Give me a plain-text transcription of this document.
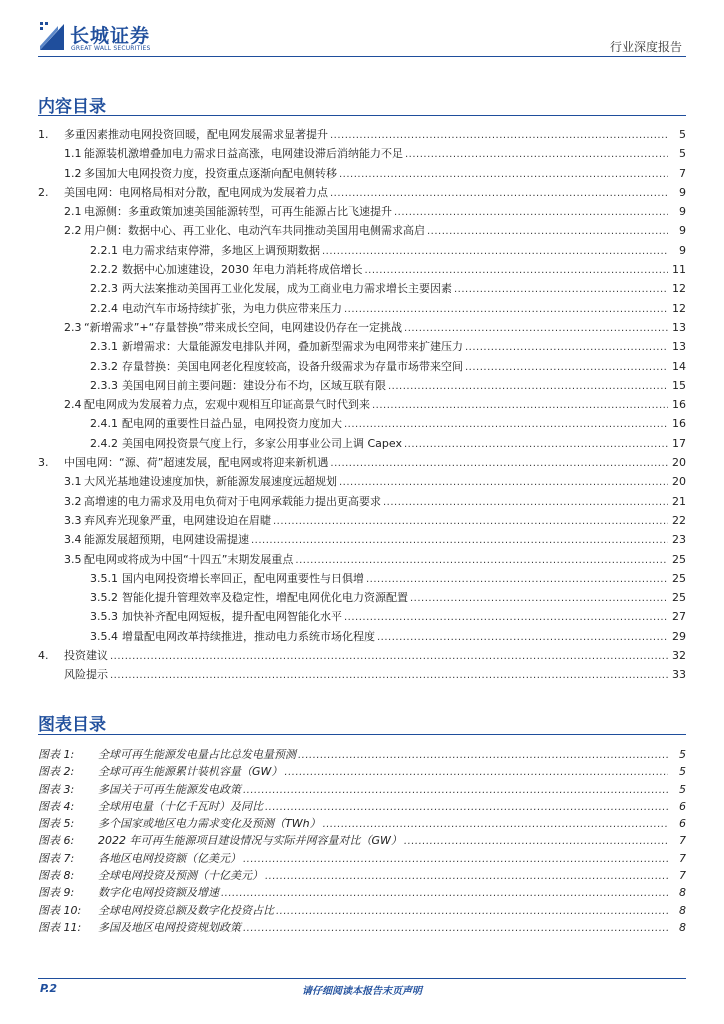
长城证券
GREAT WALL SECURITIES	行业深度报告
内容目录
1.	多重因素推动电网投资回暖，配电网发展需求显著提升 .....	5
1.1 能源装机激增叠加电力需求日益高涨，电网建设滞后消纳能力不足 .....	5
1.2 多国加大电网投资力度，投资重点逐渐向配电侧转移 .....	7
2.	美国电网：电网格局相对分散，配电网成为发展着力点 .....	9
2.1 电源侧：多重政策加速美国能源转型，可再生能源占比飞速提升 .....	9
2.2 用户侧：数据中心、再工业化、电动汽车共同推动美国用电侧需求高启 .....	9
2.2.1 电力需求结束停滞，多地区上调预期数据 .....	9
2.2.2 数据中心加速建设，2030 年电力消耗将成倍增长 .....	11
2.2.3 两大法案推动美国再工业化发展，成为工商业电力需求增长主要因素 .....	12
2.2.4 电动汽车市场持续扩张，为电力供应带来压力 .....	12
2.3 “新增需求”+“存量替换”带来成长空间，电网建设仍存在一定挑战 .....	13
2.3.1 新增需求：大量能源发电排队并网，叠加新型需求为电网带来扩建压力 .....	13
2.3.2 存量替换：美国电网老化程度较高，设备升级需求为存量市场带来空间 .....	14
2.3.3 美国电网目前主要问题：建设分布不均，区域互联有限 .....	15
2.4 配电网成为发展着力点，宏观中观相互印证高景气时代到来 .....	16
2.4.1 配电网的重要性日益凸显，电网投资力度加大 .....	16
2.4.2 美国电网投资景气度上行，多家公用事业公司上调 Capex .....	17
3.	中国电网：“源、荷”超速发展，配电网或将迎来新机遇 .....	20
3.1 大风光基地建设速度加快，新能源发展速度远超规划 .....	20
3.2 高增速的电力需求及用电负荷对于电网承载能力提出更高要求 .....	21
3.3 弃风弃光现象严重，电网建设迫在眉睫 .....	22
3.4 能源发展超预期，电网建设需提速 .....	23
3.5 配电网或将成为中国“十四五”末期发展重点 .....	25
3.5.1 国内电网投资增长率回正，配电网重要性与日俱增 .....	25
3.5.2 智能化提升管理效率及稳定性，增配电网优化电力资源配置 .....	25
3.5.3 加快补齐配电网短板，提升配电网智能化水平 .....	27
3.5.4 增量配电网改革持续推进，推动电力系统市场化程度 .....	29
4.	投资建议 .....	32
风险提示 .....	33
图表目录
图表 1:	全球可再生能源发电量占比总发电量预测 .....	5
图表 2:	全球可再生能源累计装机容量（GW） .....	5
图表 3:	多国关于可再生能源发电政策 .....	5
图表 4:	全球用电量（十亿千瓦时）及同比 .....	6
图表 5:	多个国家或地区电力需求变化及预测（TWh） .....	6
图表 6:	2022 年可再生能源项目建设情况与实际并网容量对比（GW） .....	7
图表 7:	各地区电网投资额（亿美元） .....	7
图表 8:	全球电网投资及预测（十亿美元） .....	7
图表 9:	数字化电网投资额及增速 .....	8
图表 10:	全球电网投资总额及数字化投资占比 .....	8
图表 11:	多国及地区电网投资规划政策 .....	8
P.2	请仔细阅读本报告末页声明
